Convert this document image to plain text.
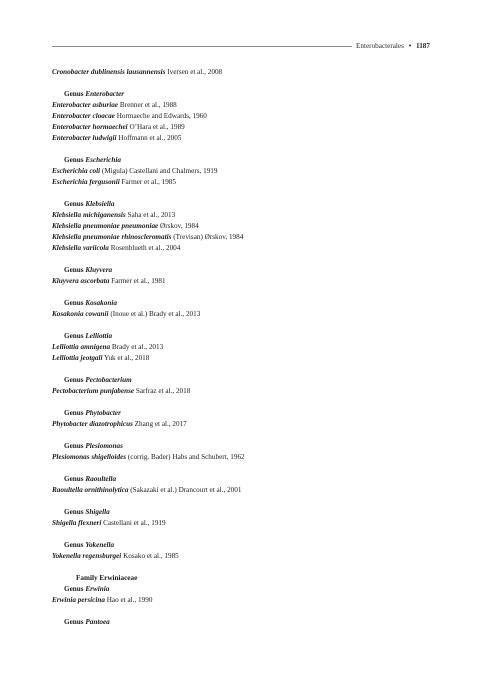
Enterobacterales • 1187
Cronobacter dublinensis lausannensis Iversen et al., 2008
Genus Enterobacter
Enterobacter asburiae Brenner et al., 1988
Enterobacter cloacae Hormaeche and Edwards, 1960
Enterobacter hormaechei O’Hara et al., 1989
Enterobacter ludwigii Hoffmann et al., 2005
Genus Escherichia
Escherichia coli (Migula) Castellani and Chalmers, 1919
Escherichia fergusonii Farmer et al., 1985
Genus Klebsiella
Klebsiella michiganensis Saha et al., 2013
Klebsiella pneumoniae pneumoniae Ørskov, 1984
Klebsiella pneumoniae rhinoscleromatis (Trevisan) Ørskov, 1984
Klebsiella variicola Rosenblueth et al., 2004
Genus Kluyvera
Kluyvera ascorbata Farmer et al., 1981
Genus Kosakonia
Kosakonia cowanii (Inoue et al.) Brady et al., 2013
Genus Lelliottia
Lelliottia amnigena Brady et al., 2013
Lelliottia jeotgali Yuk et al., 2018
Genus Pectobacterium
Pectobacterium punjabense Sarfraz et al., 2018
Genus Phytobacter
Phytobacter diazotrophicus Zhang et al., 2017
Genus Plesiomonas
Plesiomonas shigelloides (corrig. Bader) Habs and Schubert, 1962
Genus Raoultella
Raoultella ornithinolytica (Sakazaki et al.) Drancourt et al., 2001
Genus Shigella
Shigella flexneri Castellani et al., 1919
Genus Yokenella
Yokenella regensburgei Kosako et al., 1985
Family Erwiniaceae
Genus Erwinia
Erwinia persicina Hao et al., 1990
Genus Pantoea
